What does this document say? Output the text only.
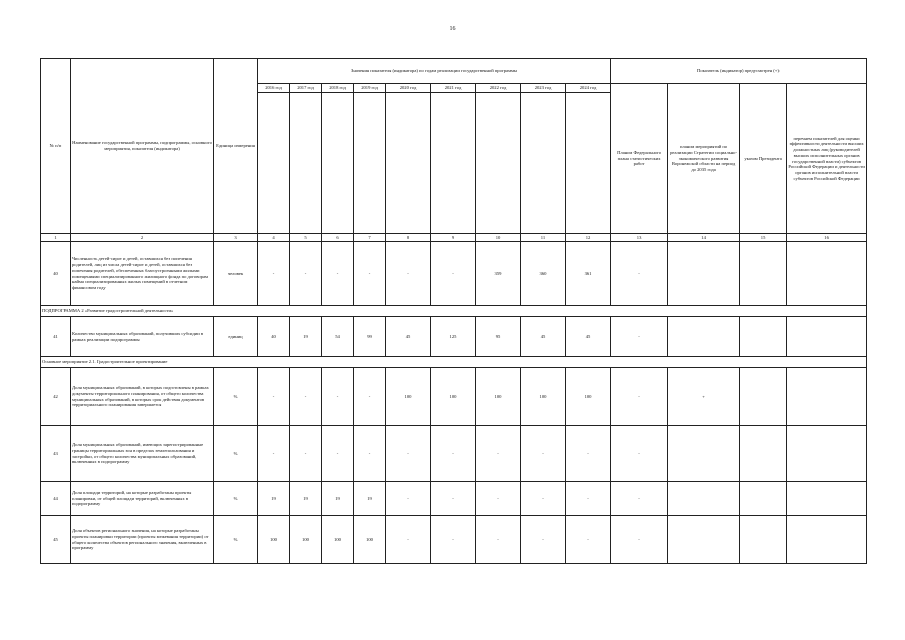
16
№ п/п	Наименование государственной программы, подпрограммы, основного мероприятия, показателя (индикатора)	Единица измерения	Значения показателя (индикатора) по годам реализации государственной программы									Показатель (индикатор) предусмотрен (+):			
			2016 год	2017 год	2018 год	2019 год	2020 год	2021 год	2022 год	2023 год	2024 год	Планом Федерального плана статистических работ	планом мероприятий по реализации Стратегии социально-экономического развития Воронежской области на период до 2035 года	указом Президента	перечнем показателей для оценки эффективности деятельности высших должностных лиц (руководителей высших исполнительных органов государственной власти) субъектов Российской Федерации и деятельности органов исполнительной власти субъектов Российской Федерации

1	2	3	4	5	6	7	8	9	10	11	12	13	14	15	16
40	Численность детей-сирот и детей, оставшихся без попечения родителей, лиц из числа детей-сирот и детей, оставшихся без попечения родителей, обеспеченных благоустроенными жилыми помещениями специализированного жилищного фонда по договорам найма специализированных жилых помещений в отчетном финансовом году	человек	-	-	-	-	-	-	359	360	361	-			
ПОДПРОГРАММА 2 «Развитие градостроительной деятельности»															
41	Количество муниципальных образований, получивших субсидии в рамках реализации подпрограммы	единиц	40	19	54	99	45	125	95	45	45	-			
Основное мероприятие 2.1. Градостроительное проектирование															
42	Доля муниципальных образований, в которых подготовлены в рамках документы территориального планирования, от общего количества муниципальных образований, в которых срок действия документов территориального планирования завершается	%	-	-	-	-	100	100	100	100	100	-	+		
43	Доля муниципальных образований, имеющих зарегистрированные границы территориальных зон в пределах землепользования и застройки, от общего количества муниципальных образований, включенных в подпрограмму	%	-	-	-	-	-	-	-	-	-	-			
44	Доля площади территорий, на которые разработаны проекты планировки, от общей площади территорий, включенных в подпрограмму	%	19	19	19	19	-	-	-	-	-	-			
45	Доля объектов регионального значения, на которые разработаны проекты планировки территории (проекты межевания территории) от общего количества объектов регионального значения, включенных в программу	%	100	100	100	100	-	-	-	-	-	-			
